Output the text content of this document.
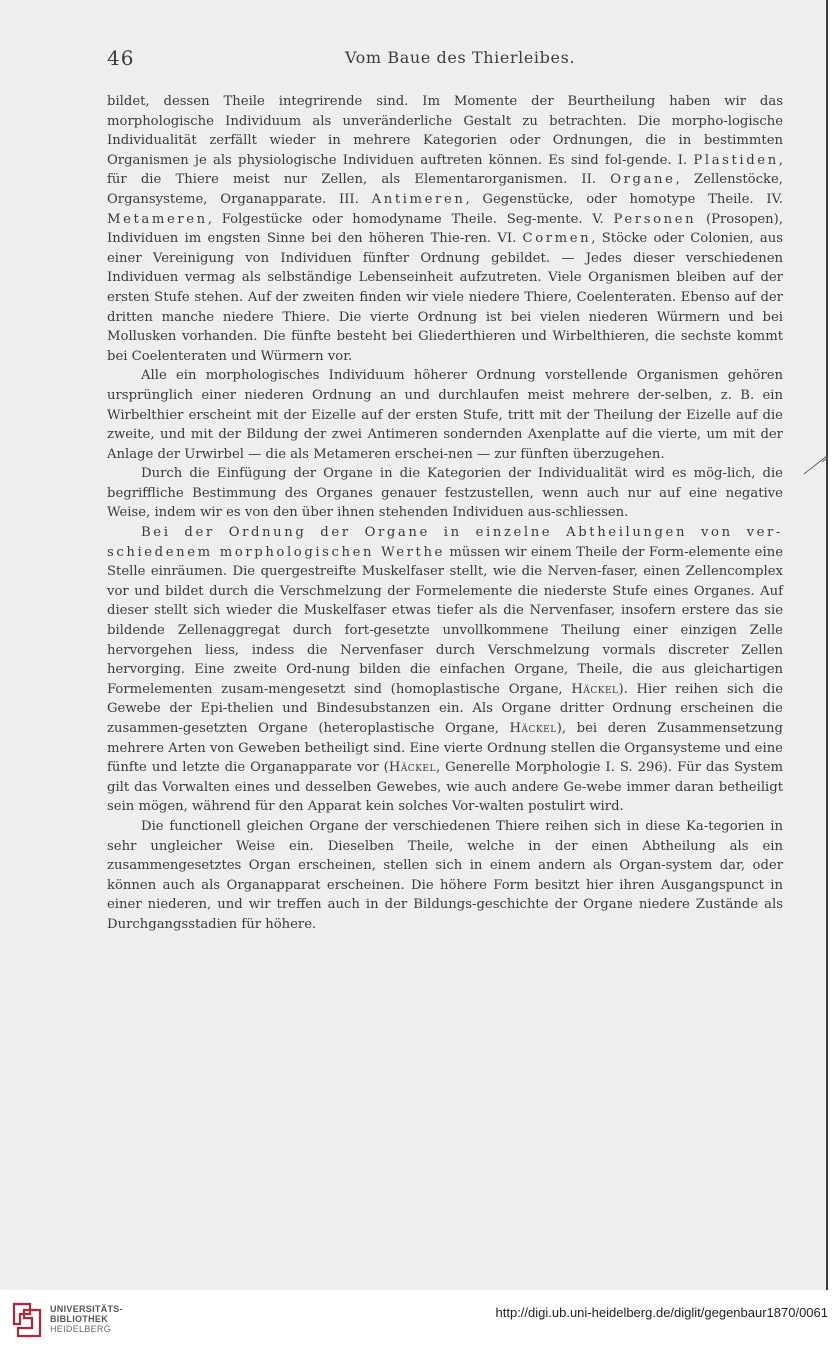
46	Vom Baue des Thierleibes.

bildet, dessen Theile integrirende sind. Im Momente der Beurtheilung haben wir das morphologische Individuum als unveränderliche Gestalt zu betrachten. Die morpho-logische Individualität zerfällt wieder in mehrere Kategorien oder Ordnungen, die in bestimmten Organismen je als physiologische Individuen auftreten können. Es sind fol-gende. I. Plastiden, für die Thiere meist nur Zellen, als Elementarorganismen. II. Organe, Zellenstöcke, Organsysteme, Organapparate. III. Antimeren, Gegenstücke, oder homotype Theile. IV. Metameren, Folgestücke oder homodyname Theile. Seg-mente. V. Personen (Prosopen), Individuen im engsten Sinne bei den höheren Thie-ren. VI. Cormen, Stöcke oder Colonien, aus einer Vereinigung von Individuen fünfter Ordnung gebildet. — Jedes dieser verschiedenen Individuen vermag als selbständige Lebenseinheit aufzutreten. Viele Organismen bleiben auf der ersten Stufe stehen. Auf der zweiten finden wir viele niedere Thiere, Coelenteraten. Ebenso auf der dritten manche niedere Thiere. Die vierte Ordnung ist bei vielen niederen Würmern und bei Mollusken vorhanden. Die fünfte besteht bei Gliederthieren und Wirbelthieren, die sechste kommt bei Coelenteraten und Würmern vor.

Alle ein morphologisches Individuum höherer Ordnung vorstellende Organismen gehören ursprünglich einer niederen Ordnung an und durchlaufen meist mehrere der-selben, z. B. ein Wirbelthier erscheint mit der Eizelle auf der ersten Stufe, tritt mit der Theilung der Eizelle auf die zweite, und mit der Bildung der zwei Antimeren sondernden Axenplatte auf die vierte, um mit der Anlage der Urwirbel — die als Metameren erschei-nen — zur fünften überzugehen.

Durch die Einfügung der Organe in die Kategorien der Individualität wird es mög-lich, die begriffliche Bestimmung des Organes genauer festzustellen, wenn auch nur auf eine negative Weise, indem wir es von den über ihnen stehenden Individuen aus-schliessen.

Bei der Ordnung der Organe in einzelne Abtheilungen von ver-schiedenem morphologischen Werthe müssen wir einem Theile der Form-elemente eine Stelle einräumen. Die quergestreifte Muskelfaser stellt, wie die Nerven-faser, einen Zellencomplex vor und bildet durch die Verschmelzung der Formelemente die niederste Stufe eines Organes. Auf dieser stellt sich wieder die Muskelfaser etwas tiefer als die Nervenfaser, insofern erstere das sie bildende Zellenaggregat durch fort-gesetzte unvollkommene Theilung einer einzigen Zelle hervorgehen liess, indess die Nervenfaser durch Verschmelzung vormals discreter Zellen hervorging. Eine zweite Ord-nung bilden die einfachen Organe, Theile, die aus gleichartigen Formelementen zusam-mengesetzt sind (homoplastische Organe, Häckel). Hier reihen sich die Gewebe der Epi-thelien und Bindesubstanzen ein. Als Organe dritter Ordnung erscheinen die zusammen-gesetzten Organe (heteroplastische Organe, Häckel), bei deren Zusammensetzung mehrere Arten von Geweben betheiligt sind. Eine vierte Ordnung stellen die Organsysteme und eine fünfte und letzte die Organapparate vor (Häckel, Generelle Morphologie I. S. 296). Für das System gilt das Vorwalten eines und desselben Gewebes, wie auch andere Ge-webe immer daran betheiligt sein mögen, während für den Apparat kein solches Vor-walten postulirt wird.

Die functionell gleichen Organe der verschiedenen Thiere reihen sich in diese Ka-tegorien in sehr ungleicher Weise ein. Dieselben Theile, welche in der einen Abtheilung als ein zusammengesetztes Organ erscheinen, stellen sich in einem andern als Organ-system dar, oder können auch als Organapparat erscheinen. Die höhere Form besitzt hier ihren Ausgangspunct in einer niederen, und wir treffen auch in der Bildungs-geschichte der Organe niedere Zustände als Durchgangsstadien für höhere.

UNIVERSITÄTS-
BIBLIOTHEK
HEIDELBERG
http://digi.ub.uni-heidelberg.de/diglit/gegenbaur1870/0061
